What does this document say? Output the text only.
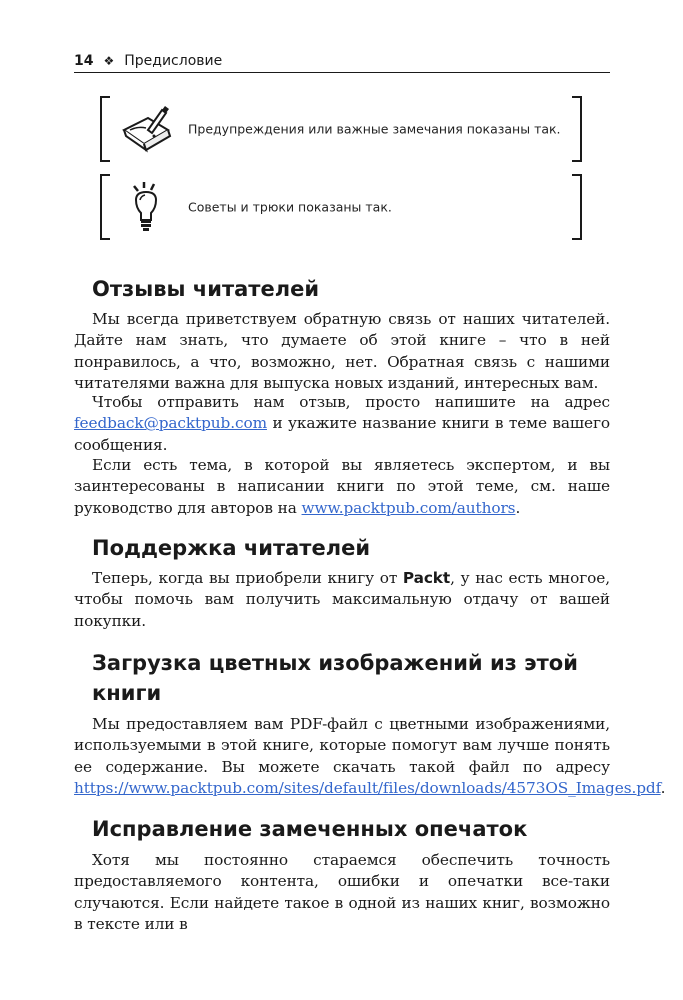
14 ❖ Предисловие
Предупреждения или важные замечания показаны так.
Советы и трюки показаны так.
Отзывы читателей

Мы всегда приветствуем обратную связь от наших читателей. Дайте нам знать, что думаете об этой книге – что в ней понравилось, а что, возможно, нет. Обратная связь с нашими читателями важна для выпуска новых изданий, интересных вам.

Чтобы отправить нам отзыв, просто напишите на адрес feedback@packtpub.com и укажите название книги в теме вашего сообщения.

Если есть тема, в которой вы являетесь экспертом, и вы заинтересованы в написании книги по этой теме, см. наше руководство для авторов на www.packtpub.com/authors.

Поддержка читателей

Теперь, когда вы приобрели книгу от Packt, у нас есть многое, чтобы помочь вам получить максимальную отдачу от вашей покупки.

Загрузка цветных изображений из этой книги

Мы предоставляем вам PDF-файл с цветными изображениями, используемыми в этой книге, которые помогут вам лучше понять ее содержание. Вы можете скачать такой файл по адресу https://www.packtpub.com/sites/default/files/downloads/4573OS_Images.pdf.

Исправление замеченных опечаток

Хотя мы постоянно стараемся обеспечить точность предоставляемого контента, ошибки и опечатки все-таки случаются. Если найдете такое в одной из наших книг, возможно в тексте или в
